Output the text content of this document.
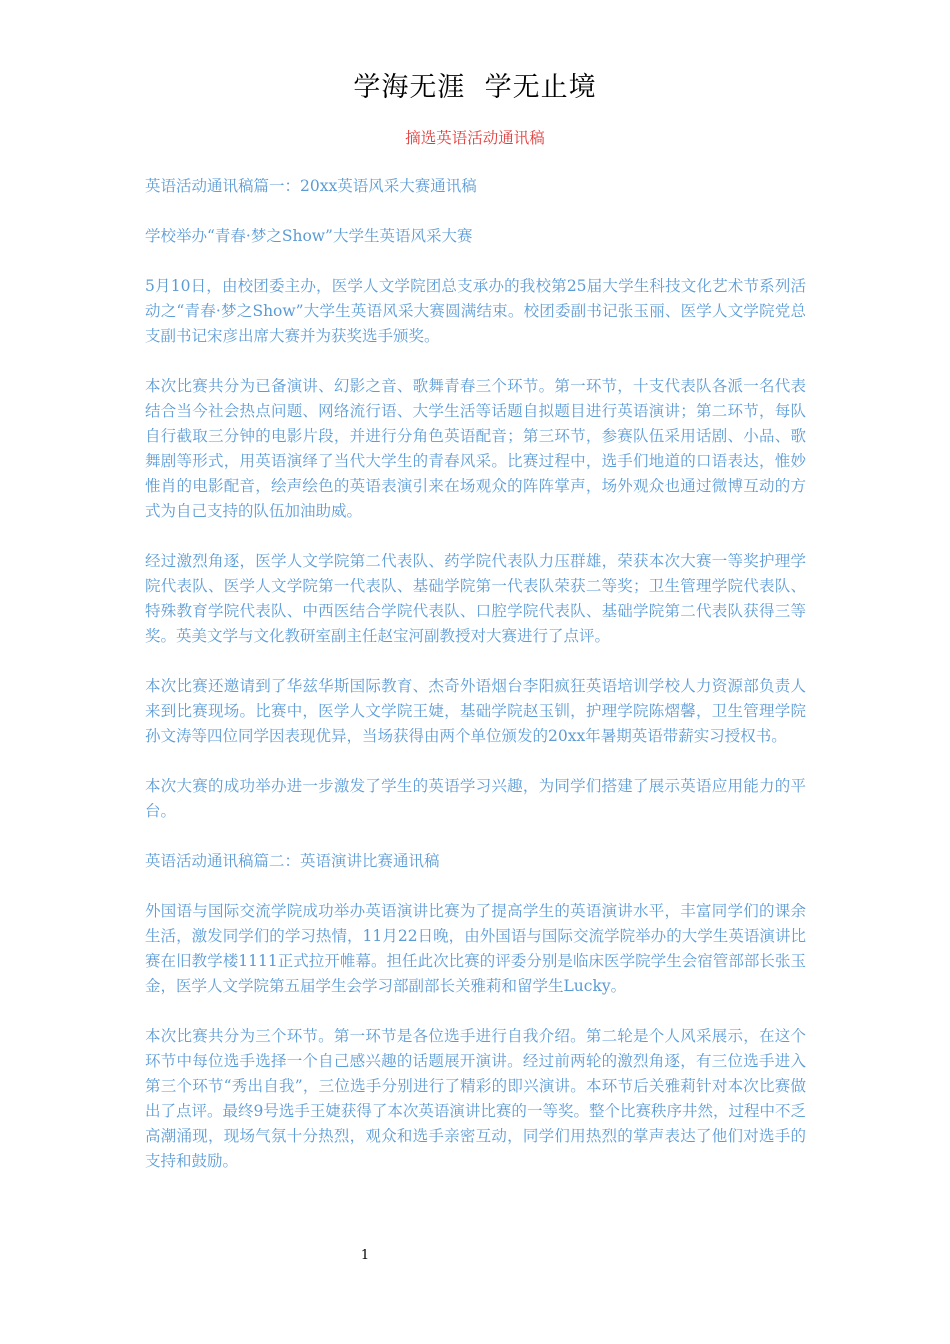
学海无涯  学无止境
摘选英语活动通讯稿

英语活动通讯稿篇一：20xx英语风采大赛通讯稿

学校举办“青春·梦之Show”大学生英语风采大赛

5月10日，由校团委主办，医学人文学院团总支承办的我校第25届大学生科技文化艺术节系列活动之“青春·梦之Show”大学生英语风采大赛圆满结束。校团委副书记张玉丽、医学人文学院党总支副书记宋彦出席大赛并为获奖选手颁奖。

本次比赛共分为已备演讲、幻影之音、歌舞青春三个环节。第一环节，十支代表队各派一名代表结合当今社会热点问题、网络流行语、大学生活等话题自拟题目进行英语演讲；第二环节，每队自行截取三分钟的电影片段，并进行分角色英语配音；第三环节，参赛队伍采用话剧、小品、歌舞剧等形式，用英语演绎了当代大学生的青春风采。比赛过程中，选手们地道的口语表达，惟妙惟肖的电影配音，绘声绘色的英语表演引来在场观众的阵阵掌声，场外观众也通过微博互动的方式为自己支持的队伍加油助威。

经过激烈角逐，医学人文学院第二代表队、药学院代表队力压群雄，荣获本次大赛一等奖护理学院代表队、医学人文学院第一代表队、基础学院第一代表队荣获二等奖；卫生管理学院代表队、特殊教育学院代表队、中西医结合学院代表队、口腔学院代表队、基础学院第二代表队获得三等奖。英美文学与文化教研室副主任赵宝河副教授对大赛进行了点评。

本次比赛还邀请到了华兹华斯国际教育、杰奇外语烟台李阳疯狂英语培训学校人力资源部负责人来到比赛现场。比赛中，医学人文学院王婕，基础学院赵玉钏，护理学院陈熠馨，卫生管理学院孙文涛等四位同学因表现优异，当场获得由两个单位颁发的20xx年暑期英语带薪实习授权书。

本次大赛的成功举办进一步激发了学生的英语学习兴趣，为同学们搭建了展示英语应用能力的平台。

英语活动通讯稿篇二：英语演讲比赛通讯稿

外国语与国际交流学院成功举办英语演讲比赛为了提高学生的英语演讲水平，丰富同学们的课余生活，激发同学们的学习热情，11月22日晚，由外国语与国际交流学院举办的大学生英语演讲比赛在旧教学楼1111正式拉开帷幕。担任此次比赛的评委分别是临床医学院学生会宿管部部长张玉金，医学人文学院第五届学生会学习部副部长关雅莉和留学生Lucky。

本次比赛共分为三个环节。第一环节是各位选手进行自我介绍。第二轮是个人风采展示，在这个环节中每位选手选择一个自己感兴趣的话题展开演讲。经过前两轮的激烈角逐，有三位选手进入第三个环节“秀出自我”，三位选手分别进行了精彩的即兴演讲。本环节后关雅莉针对本次比赛做出了点评。最终9号选手王婕获得了本次英语演讲比赛的一等奖。整个比赛秩序井然，过程中不乏高潮涌现，现场气氛十分热烈，观众和选手亲密互动，同学们用热烈的掌声表达了他们对选手的支持和鼓励。

1
